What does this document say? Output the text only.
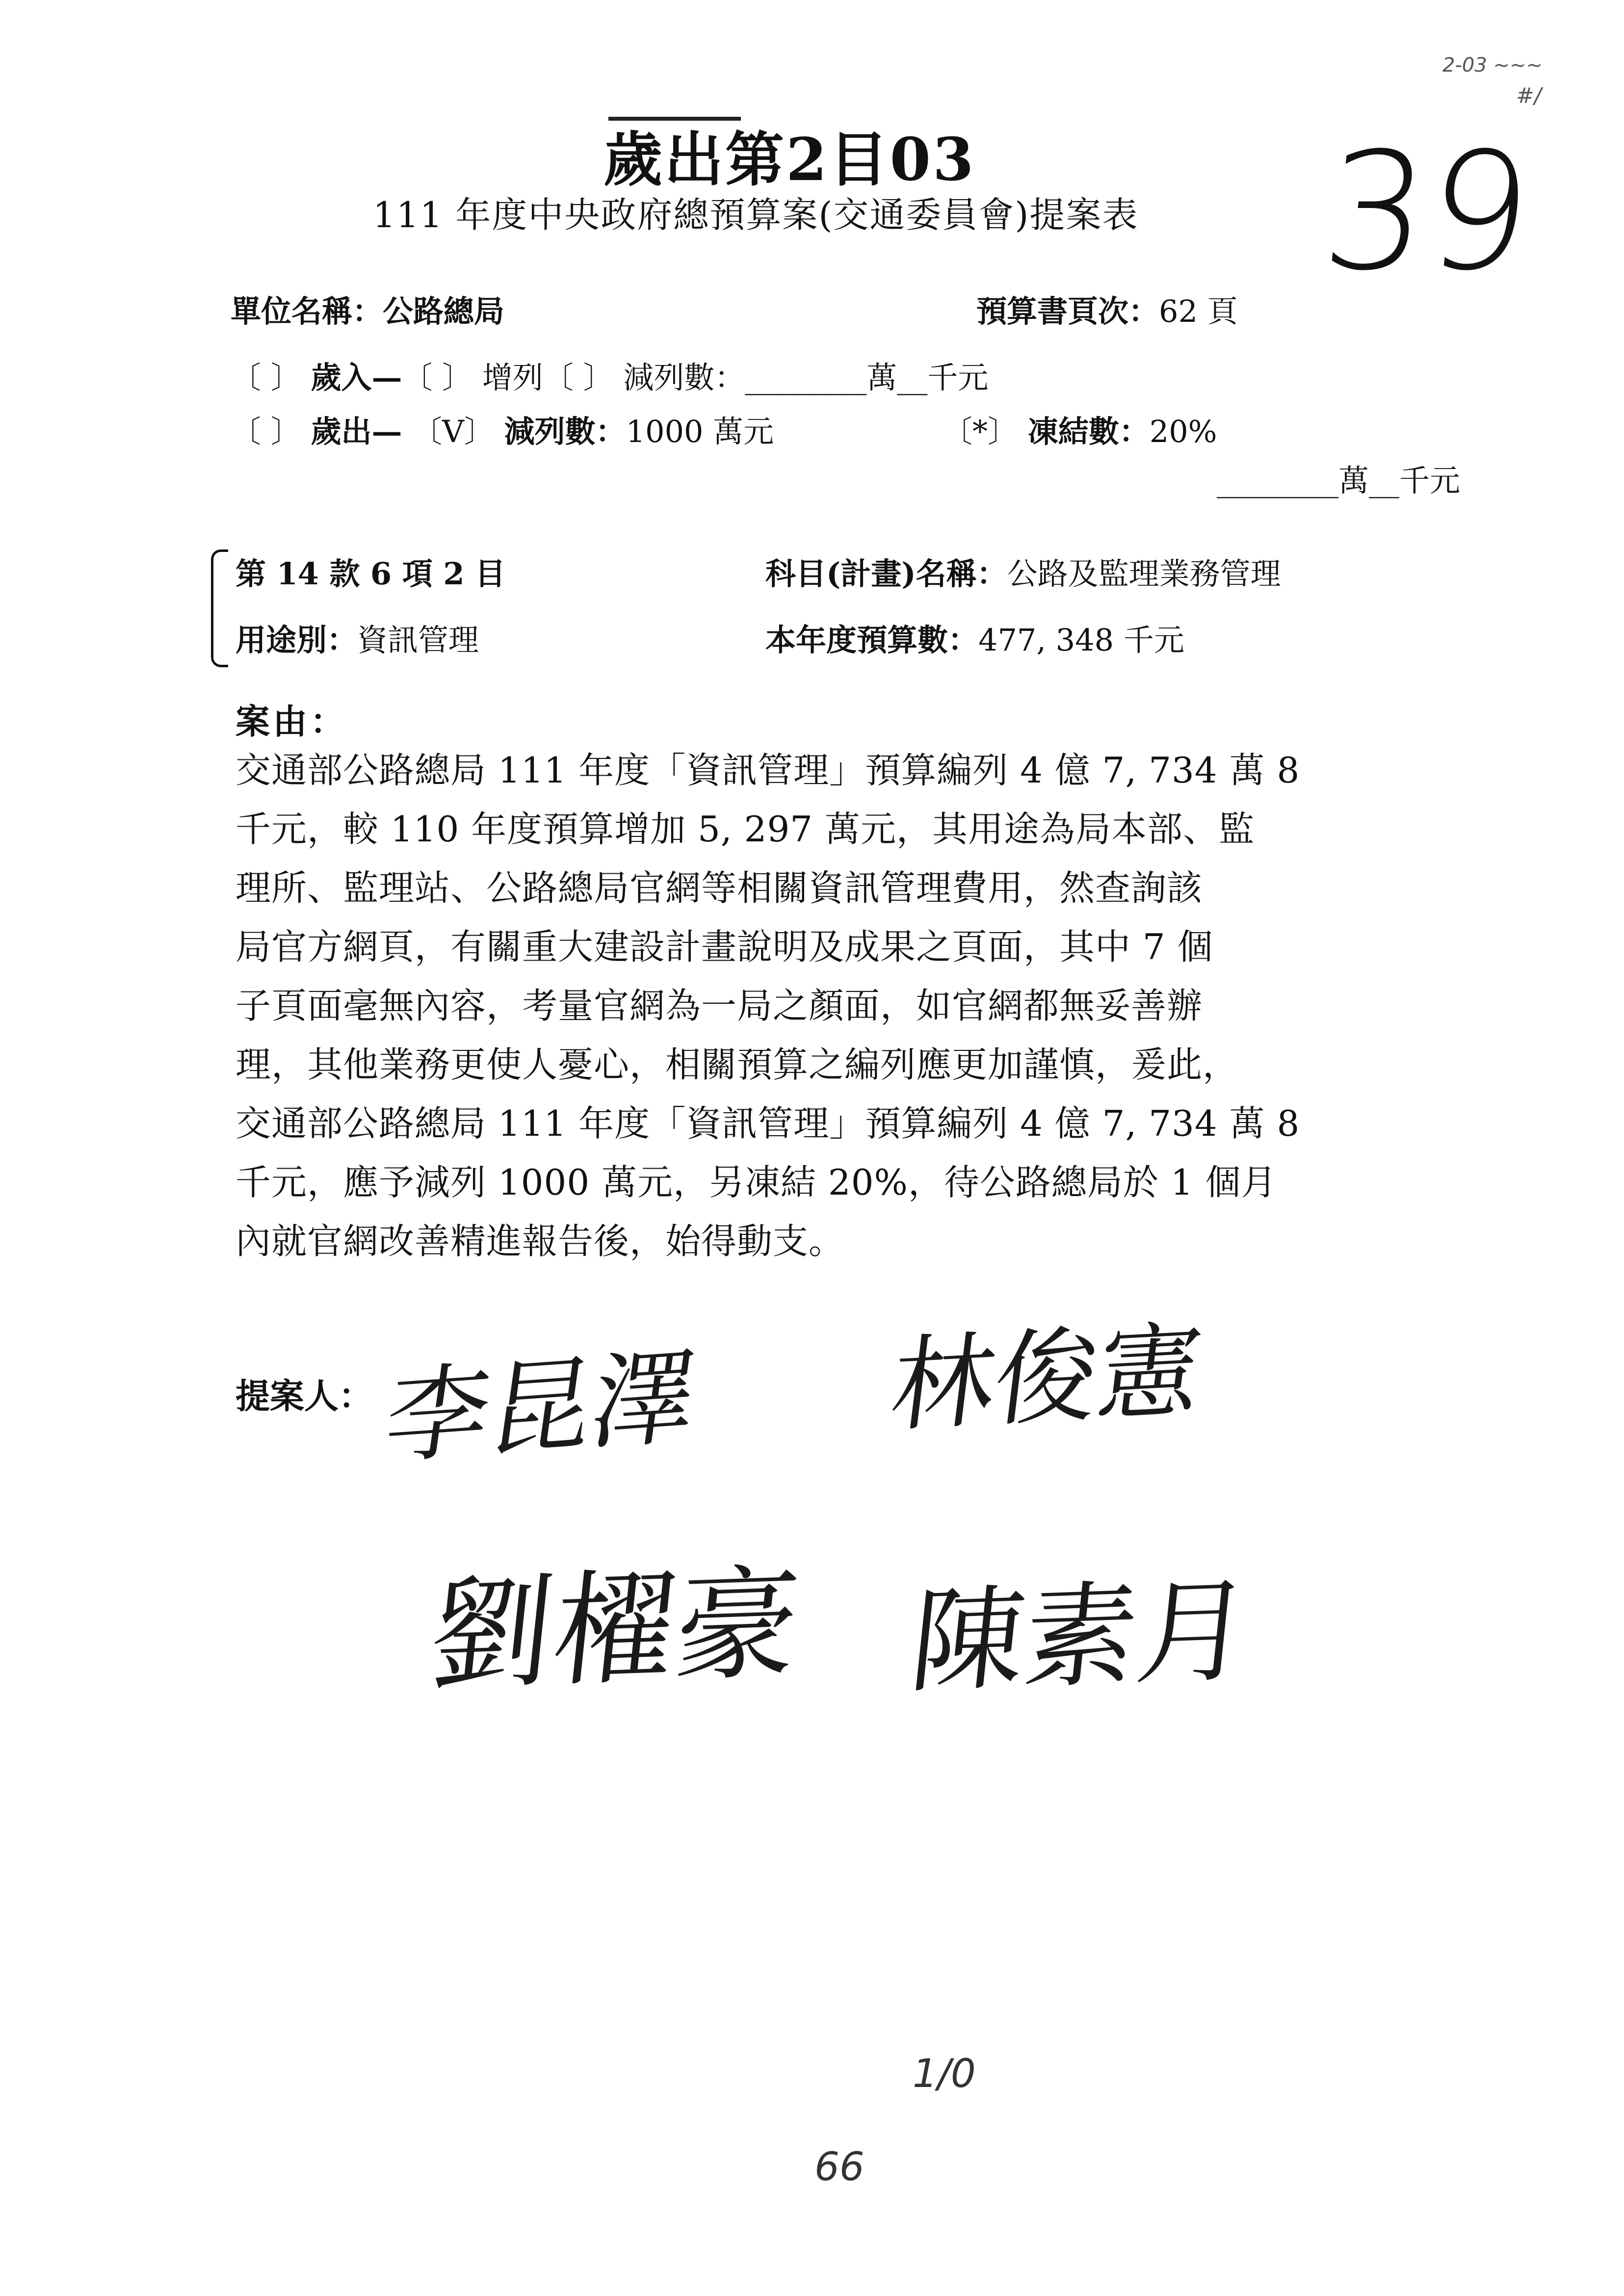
2-03 ~~~
#/
歲出第2目03 39
111 年度中央政府總預算案(交通委員會)提案表
單位名稱：公路總局	預算書頁次：62 頁
〔 〕 歲入—〔 〕 增列〔 〕 減列數：________萬__千元
〔 〕 歲出— 〔V〕 減列數：1000 萬元	〔*〕 凍結數：20%
________萬__千元
第 14 款 6 項 2 目
用途別：資訊管理
科目(計畫)名稱：公路及監理業務管理
本年度預算數：477, 348 千元
案由：
交通部公路總局 111 年度「資訊管理」預算編列 4 億 7, 734 萬 8
千元，較 110 年度預算增加 5, 297 萬元，其用途為局本部、監
理所、監理站、公路總局官網等相關資訊管理費用，然查詢該
局官方網頁，有關重大建設計畫說明及成果之頁面，其中 7 個
子頁面毫無內容，考量官網為一局之顏面，如官網都無妥善辦
理，其他業務更使人憂心，相關預算之編列應更加謹慎，爰此，
交通部公路總局 111 年度「資訊管理」預算編列 4 億 7, 734 萬 8
千元，應予減列 1000 萬元，另凍結 20%，待公路總局於 1 個月
內就官網改善精進報告後，始得動支。
提案人： 李昆澤 林俊憲
劉櫂豪 陳素月
1/0
66
